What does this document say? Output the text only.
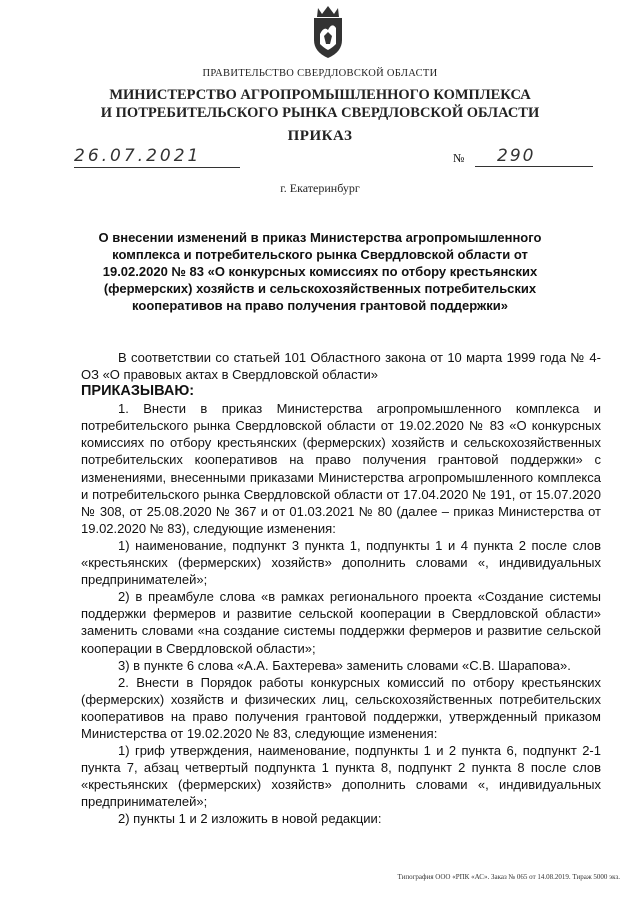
ПРАВИТЕЛЬСТВО СВЕРДЛОВСКОЙ ОБЛАСТИ
МИНИСТЕРСТВО АГРОПРОМЫШЛЕННОГО КОМПЛЕКСА
И ПОТРЕБИТЕЛЬСКОГО РЫНКА СВЕРДЛОВСКОЙ ОБЛАСТИ
ПРИКАЗ
26.07.2021	№	290
г. Екатеринбург
О внесении изменений в приказ Министерства агропромышленного комплекса и потребительского рынка Свердловской области от 19.02.2020 № 83 «О конкурсных комиссиях по отбору крестьянских (фермерских) хозяйств и сельскохозяйственных потребительских кооперативов на право получения грантовой поддержки»

В соответствии со статьей 101 Областного закона от 10 марта 1999 года № 4-ОЗ «О правовых актах в Свердловской области»

ПРИКАЗЫВАЮ:

1. Внести в приказ Министерства агропромышленного комплекса и потребительского рынка Свердловской области от 19.02.2020 № 83 «О конкурсных комиссиях по отбору крестьянских (фермерских) хозяйств и сельскохозяйственных потребительских кооперативов на право получения грантовой поддержки» с изменениями, внесенными приказами Министерства агропромышленного комплекса и потребительского рынка Свердловской области от 17.04.2020 № 191, от 15.07.2020 № 308, от 25.08.2020 № 367 и от 01.03.2021 № 80 (далее – приказ Министерства от 19.02.2020 № 83), следующие изменения:

1) наименование, подпункт 3 пункта 1, подпункты 1 и 4 пункта 2 после слов «крестьянских (фермерских) хозяйств» дополнить словами «, индивидуальных предпринимателей»;

2) в преамбуле слова «в рамках регионального проекта «Создание системы поддержки фермеров и развитие сельской кооперации в Свердловской области» заменить словами «на создание системы поддержки фермеров и развитие сельской кооперации в Свердловской области»;

3) в пункте 6 слова «А.А. Бахтерева» заменить словами «С.В. Шарапова».

2. Внести в Порядок работы конкурсных комиссий по отбору крестьянских (фермерских) хозяйств и физических лиц, сельскохозяйственных потребительских кооперативов на право получения грантовой поддержки, утвержденный приказом Министерства от 19.02.2020 № 83, следующие изменения:

1) гриф утверждения, наименование, подпункты 1 и 2 пункта 6, подпункт 2-1 пункта 7, абзац четвертый подпункта 1 пункта 8, подпункт 2 пункта 8 после слов «крестьянских (фермерских) хозяйств» дополнить словами «, индивидуальных предпринимателей»;

2) пункты 1 и 2 изложить в новой редакции:

Типография ООО «РПК «АС». Заказ № 065 от 14.08.2019. Тираж 5000 экз.
